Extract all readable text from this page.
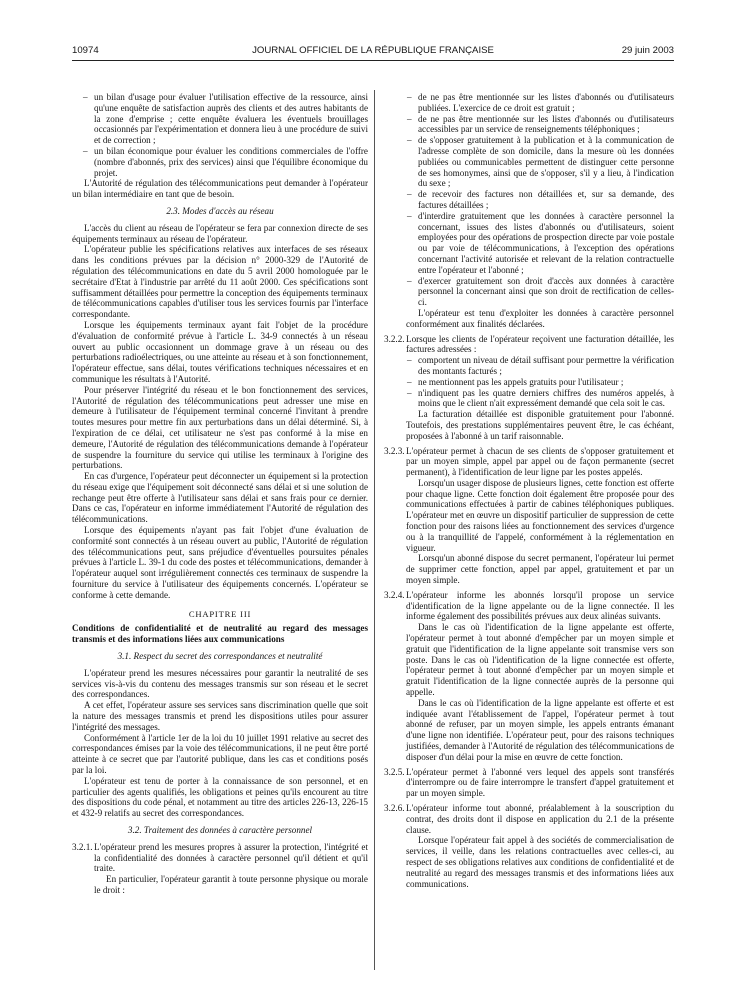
10974	JOURNAL OFFICIEL DE LA RÉPUBLIQUE FRANÇAISE	29 juin 2003
– un bilan d'usage pour évaluer l'utilisation effective de la ressource, ainsi qu'une enquête de satisfaction auprès des clients et des autres habitants de la zone d'emprise ; cette enquête évaluera les éventuels brouillages occasionnés par l'expérimentation et donnera lieu à une procédure de suivi et de correction ;
– un bilan économique pour évaluer les conditions commerciales de l'offre (nombre d'abonnés, prix des services) ainsi que l'équilibre économique du projet.

L'Autorité de régulation des télécommunications peut demander à l'opérateur un bilan intermédiaire en tant que de besoin.

2.3. Modes d'accès au réseau

L'accès du client au réseau de l'opérateur se fera par connexion directe de ses équipements terminaux au réseau de l'opérateur.

L'opérateur publie les spécifications relatives aux interfaces de ses réseaux dans les conditions prévues par la décision n° 2000-329 de l'Autorité de régulation des télécommunications en date du 5 avril 2000 homologuée par le secrétaire d'Etat à l'industrie par arrêté du 11 août 2000. Ces spécifications sont suffisamment détaillées pour permettre la conception des équipements terminaux de télécommunications capables d'utiliser tous les services fournis par l'interface correspondante.

Lorsque les équipements terminaux ayant fait l'objet de la procédure d'évaluation de conformité prévue à l'article L. 34-9 connectés à un réseau ouvert au public occasionnent un dommage grave à un réseau ou des perturbations radioélectriques, ou une atteinte au réseau et à son fonctionnement, l'opérateur effectue, sans délai, toutes vérifications techniques nécessaires et en communique les résultats à l'Autorité.

Pour préserver l'intégrité du réseau et le bon fonctionnement des services, l'Autorité de régulation des télécommunications peut adresser une mise en demeure à l'utilisateur de l'équipement terminal concerné l'invitant à prendre toutes mesures pour mettre fin aux perturbations dans un délai déterminé. Si, à l'expiration de ce délai, cet utilisateur ne s'est pas conformé à la mise en demeure, l'Autorité de régulation des télécommunications demande à l'opérateur de suspendre la fourniture du service qui utilise les terminaux à l'origine des perturbations.

En cas d'urgence, l'opérateur peut déconnecter un équipement si la protection du réseau exige que l'équipement soit déconnecté sans délai et si une solution de rechange peut être offerte à l'utilisateur sans délai et sans frais pour ce dernier. Dans ce cas, l'opérateur en informe immédiatement l'Autorité de régulation des télécommunications.

Lorsque des équipements n'ayant pas fait l'objet d'une évaluation de conformité sont connectés à un réseau ouvert au public, l'Autorité de régulation des télécommunications peut, sans préjudice d'éventuelles poursuites pénales prévues à l'article L. 39-1 du code des postes et télécommunications, demander à l'opérateur auquel sont irrégulièrement connectés ces terminaux de suspendre la fourniture du service à l'utilisateur des équipements concernés. L'opérateur se conforme à cette demande.

CHAPITRE III
Conditions de confidentialité et de neutralité au regard des messages transmis et des informations liées aux communications
3.1. Respect du secret des correspondances et neutralité

L'opérateur prend les mesures nécessaires pour garantir la neutralité de ses services vis-à-vis du contenu des messages transmis sur son réseau et le secret des correspondances.

A cet effet, l'opérateur assure ses services sans discrimination quelle que soit la nature des messages transmis et prend les dispositions utiles pour assurer l'intégrité des messages.

Conformément à l'article 1er de la loi du 10 juillet 1991 relative au secret des correspondances émises par la voie des télécommunications, il ne peut être porté atteinte à ce secret que par l'autorité publique, dans les cas et conditions posés par la loi.

L'opérateur est tenu de porter à la connaissance de son personnel, et en particulier des agents qualifiés, les obligations et peines qu'ils encourent au titre des dispositions du code pénal, et notamment au titre des articles 226-13, 226-15 et 432-9 relatifs au secret des correspondances.

3.2. Traitement des données à caractère personnel
3.2.1.L'opérateur prend les mesures propres à assurer la protection, l'intégrité et la confidentialité des données à caractère personnel qu'il détient et qu'il traite.

En particulier, l'opérateur garantit à toute personne physique ou morale le droit :

– de ne pas être mentionnée sur les listes d'abonnés ou d'utilisateurs publiées. L'exercice de ce droit est gratuit ;
– de ne pas être mentionnée sur les listes d'abonnés ou d'utilisateurs accessibles par un service de renseignements téléphoniques ;
– de s'opposer gratuitement à la publication et à la communication de l'adresse complète de son domicile, dans la mesure où les données publiées ou communicables permettent de distinguer cette personne de ses homonymes, ainsi que de s'opposer, s'il y a lieu, à l'indication du sexe ;
– de recevoir des factures non détaillées et, sur sa demande, des factures détaillées ;
– d'interdire gratuitement que les données à caractère personnel la concernant, issues des listes d'abonnés ou d'utilisateurs, soient employées pour des opérations de prospection directe par voie postale ou par voie de télécommunications, à l'exception des opérations concernant l'activité autorisée et relevant de la relation contractuelle entre l'opérateur et l'abonné ;
– d'exercer gratuitement son droit d'accès aux données à caractère personnel la concernant ainsi que son droit de rectification de celles-ci.

L'opérateur est tenu d'exploiter les données à caractère personnel conformément aux finalités déclarées.

3.2.2.Lorsque les clients de l'opérateur reçoivent une facturation détaillée, les factures adressées :
– comportent un niveau de détail suffisant pour permettre la vérification des montants facturés ;
– ne mentionnent pas les appels gratuits pour l'utilisateur ;
– n'indiquent pas les quatre derniers chiffres des numéros appelés, à moins que le client n'ait expressément demandé que cela soit le cas.

La facturation détaillée est disponible gratuitement pour l'abonné. Toutefois, des prestations supplémentaires peuvent être, le cas échéant, proposées à l'abonné à un tarif raisonnable.

3.2.3.L'opérateur permet à chacun de ses clients de s'opposer gratuitement et par un moyen simple, appel par appel ou de façon permanente (secret permanent), à l'identification de leur ligne par les postes appelés.

Lorsqu'un usager dispose de plusieurs lignes, cette fonction est offerte pour chaque ligne. Cette fonction doit également être proposée pour des communications effectuées à partir de cabines téléphoniques publiques. L'opérateur met en œuvre un dispositif particulier de suppression de cette fonction pour des raisons liées au fonctionnement des services d'urgence ou à la tranquillité de l'appelé, conformément à la réglementation en vigueur.

Lorsqu'un abonné dispose du secret permanent, l'opérateur lui permet de supprimer cette fonction, appel par appel, gratuitement et par un moyen simple.

3.2.4.L'opérateur informe les abonnés lorsqu'il propose un service d'identification de la ligne appelante ou de la ligne connectée. Il les informe également des possibilités prévues aux deux alinéas suivants.

Dans le cas où l'identification de la ligne appelante est offerte, l'opérateur permet à tout abonné d'empêcher par un moyen simple et gratuit que l'identification de la ligne appelante soit transmise vers son poste. Dans le cas où l'identification de la ligne connectée est offerte, l'opérateur permet à tout abonné d'empêcher par un moyen simple et gratuit l'identification de la ligne connectée auprès de la personne qui appelle.

Dans le cas où l'identification de la ligne appelante est offerte et est indiquée avant l'établissement de l'appel, l'opérateur permet à tout abonné de refuser, par un moyen simple, les appels entrants émanant d'une ligne non identifiée. L'opérateur peut, pour des raisons techniques justifiées, demander à l'Autorité de régulation des télécommunications de disposer d'un délai pour la mise en œuvre de cette fonction.

3.2.5.L'opérateur permet à l'abonné vers lequel des appels sont transférés d'interrompre ou de faire interrompre le transfert d'appel gratuitement et par un moyen simple.
3.2.6.L'opérateur informe tout abonné, préalablement à la souscription du contrat, des droits dont il dispose en application du 2.1 de la présente clause.

Lorsque l'opérateur fait appel à des sociétés de commercialisation de services, il veille, dans les relations contractuelles avec celles-ci, au respect de ses obligations relatives aux conditions de confidentialité et de neutralité au regard des messages transmis et des informations liées aux communications.
